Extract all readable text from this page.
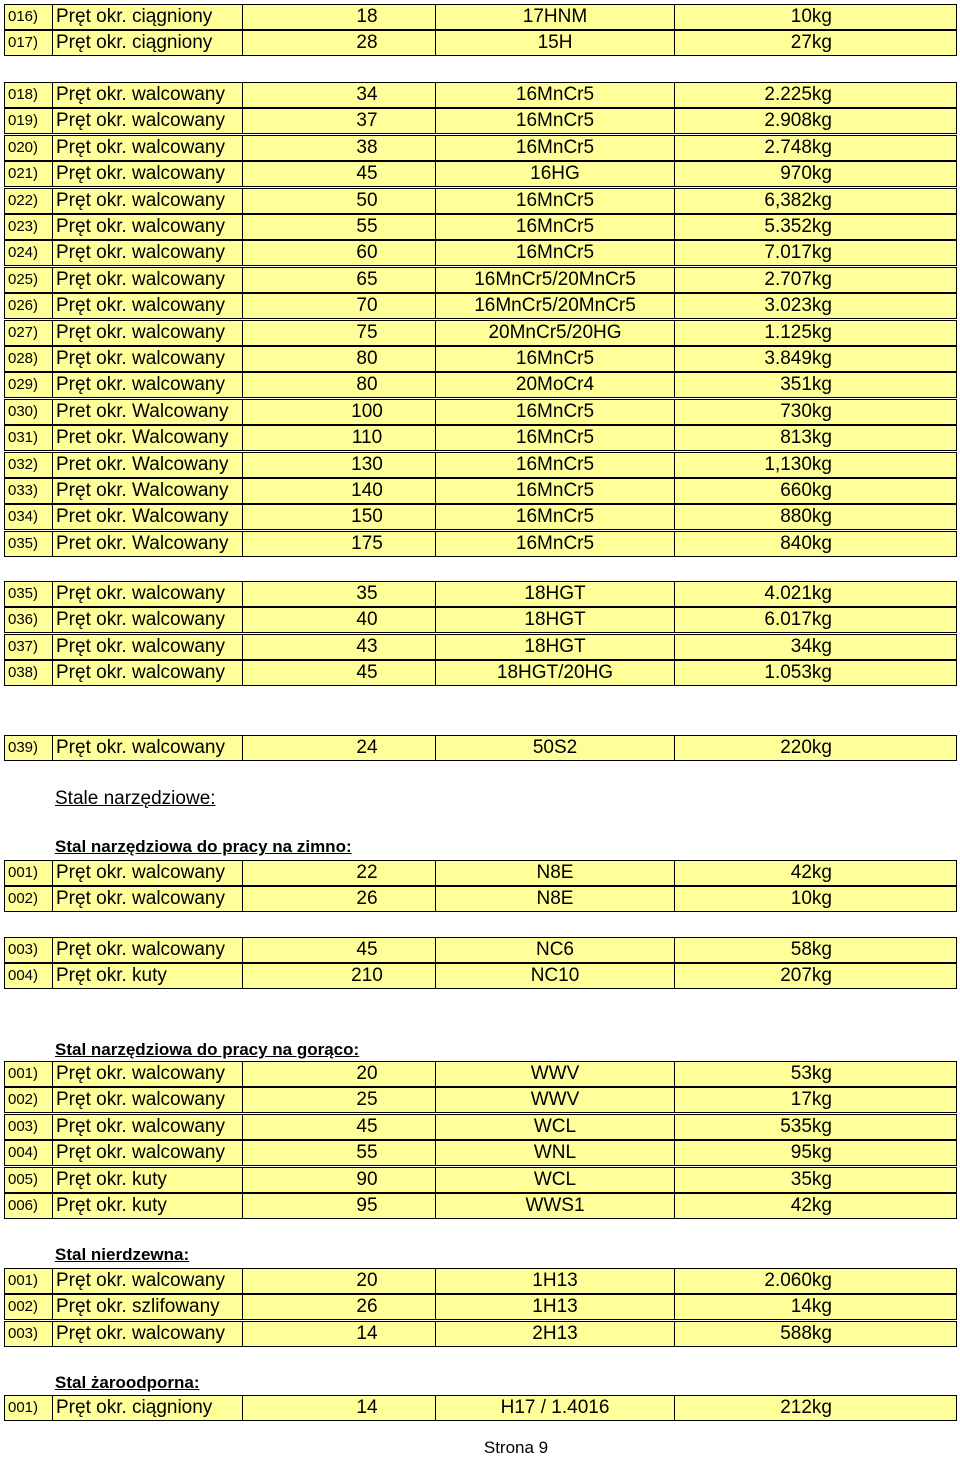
016) Pręt okr. ciągniony	18	17HNM	10kg
017) Pręt okr. ciągniony	28	15H	27kg
018) Pręt okr. walcowany	34	16MnCr5	2.225kg
019) Pręt okr. walcowany	37	16MnCr5	2.908kg
020) Pręt okr. walcowany	38	16MnCr5	2.748kg
021) Pręt okr. walcowany	45	16HG	970kg
022) Pręt okr. walcowany	50	16MnCr5	6,382kg
023) Pręt okr. walcowany	55	16MnCr5	5.352kg
024) Pręt okr. walcowany	60	16MnCr5	7.017kg
025) Pręt okr. walcowany	65	16MnCr5/20MnCr5	2.707kg
026) Pręt okr. walcowany	70	16MnCr5/20MnCr5	3.023kg
027) Pręt okr. walcowany	75	20MnCr5/20HG	1.125kg
028) Pręt okr. walcowany	80	16MnCr5	3.849kg
029) Pręt okr. walcowany	80	20MoCr4	351kg
030) Pret okr. Walcowany	100	16MnCr5	730kg
031) Pret okr. Walcowany	110	16MnCr5	813kg
032) Pret okr. Walcowany	130	16MnCr5	1,130kg
033) Pręt okr. Walcowany	140	16MnCr5	660kg
034) Pret okr. Walcowany	150	16MnCr5	880kg
035) Pret okr. Walcowany	175	16MnCr5	840kg
035) Pręt okr. walcowany	35	18HGT	4.021kg
036) Pręt okr. walcowany	40	18HGT	6.017kg
037) Pręt okr. walcowany	43	18HGT	34kg
038) Pręt okr. walcowany	45	18HGT/20HG	1.053kg
039) Pręt okr. walcowany	24	50S2	220kg
001) Pręt okr. walcowany	22	N8E	42kg
002) Pręt okr. walcowany	26	N8E	10kg
003) Pręt okr. walcowany	45	NC6	58kg
004) Pręt okr. kuty	210	NC10	207kg
001) Pręt okr. walcowany	20	WWV	53kg
002) Pręt okr. walcowany	25	WWV	17kg
003) Pręt okr. walcowany	45	WCL	535kg
004) Pręt okr. walcowany	55	WNL	95kg
005) Pręt okr. kuty	90	WCL	35kg
006) Pręt okr. kuty	95	WWS1	42kg
001) Pręt okr. walcowany	20	1H13	2.060kg
002) Pręt okr. szlifowany	26	1H13	14kg
003) Pręt okr. walcowany	14	2H13	588kg
001) Pręt okr. ciągniony	14	H17 / 1.4016	212kg
Stale narzędziowe:
Stal narzędziowa do pracy na zimno:
Stal narzędziowa do pracy na gorąco:
Stal nierdzewna:
Stal żaroodporna:
Strona 9
